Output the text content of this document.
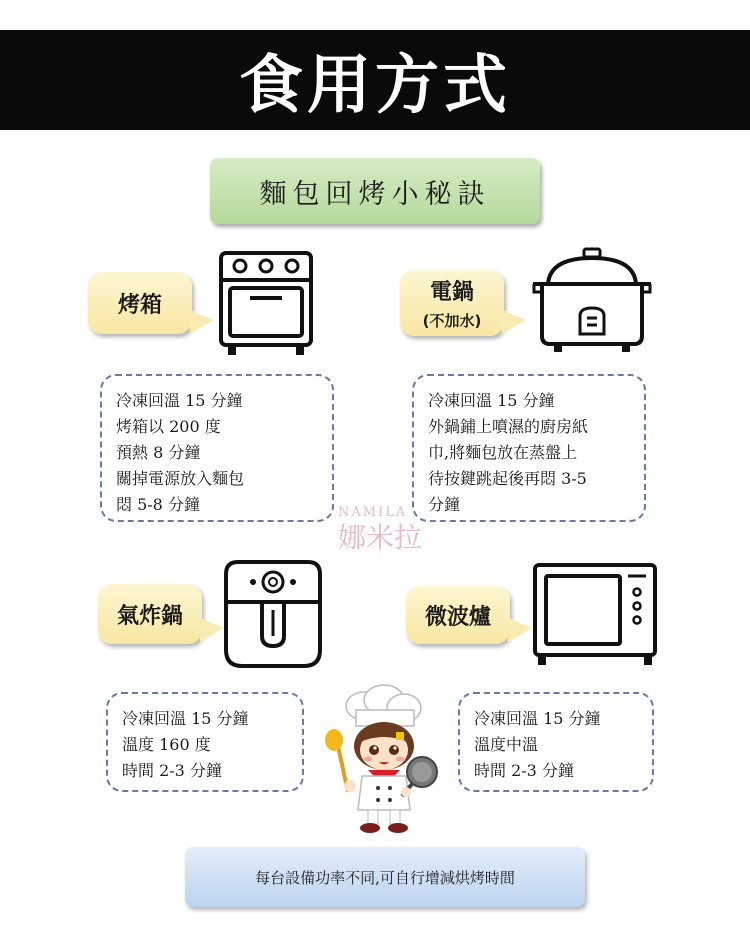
食用方式
麵包回烤小秘訣
烤箱
冷凍回溫 15 分鐘
烤箱以 200 度
預熱 8 分鐘
關掉電源放入麵包
悶 5-8 分鐘
電鍋
(不加水)
冷凍回溫 15 分鐘
外鍋鋪上噴濕的廚房紙
巾,將麵包放在蒸盤上
待按鍵跳起後再悶 3-5
分鐘
NAMILA
娜米拉
氣炸鍋
冷凍回溫 15 分鐘
溫度 160 度
時間 2-3 分鐘
微波爐
冷凍回溫 15 分鐘
溫度中溫
時間 2-3 分鐘
每台設備功率不同,可自行增減烘烤時間
